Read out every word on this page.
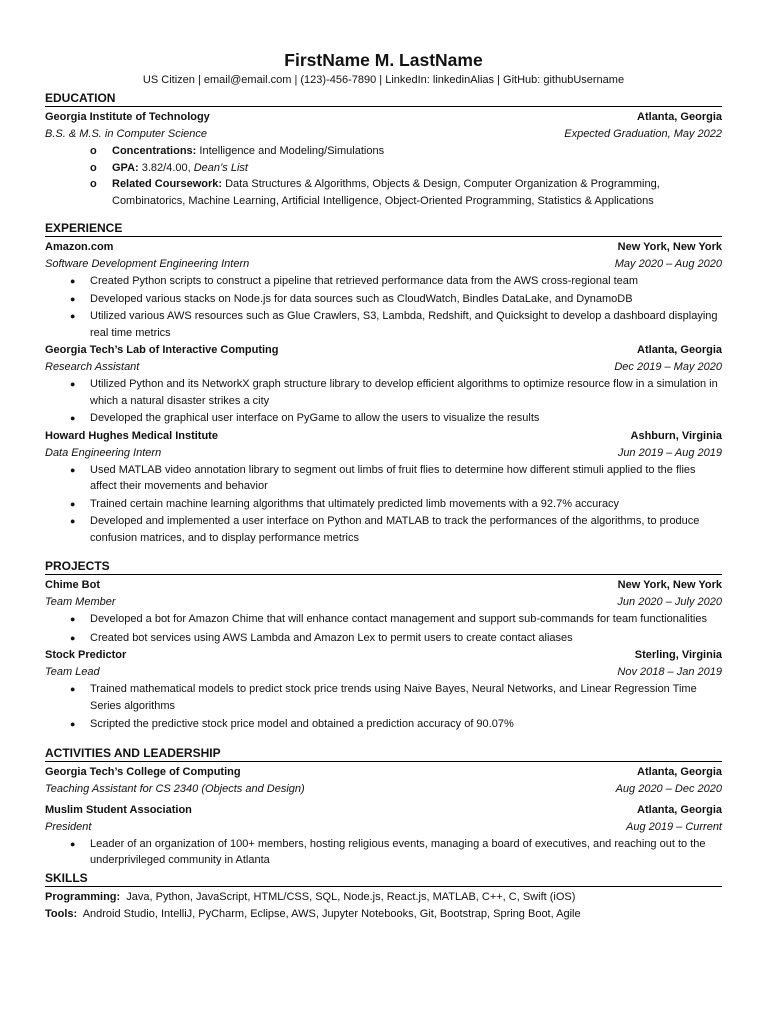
FirstName M. LastName
US Citizen | email@email.com | (123)-456-7890 | LinkedIn: linkedinAlias | GitHub: githubUsername
EDUCATION
Georgia Institute of Technology	Atlanta, Georgia
B.S. & M.S. in Computer Science	Expected Graduation, May 2022
o Concentrations: Intelligence and Modeling/Simulations
o GPA: 3.82/4.00, Dean’s List
o Related Coursework: Data Structures & Algorithms, Objects & Design, Computer Organization & Programming, Combinatorics, Machine Learning, Artificial Intelligence, Object-Oriented Programming, Statistics & Applications
EXPERIENCE
Amazon.com	New York, New York
Software Development Engineering Intern	May 2020 – Aug 2020
● Created Python scripts to construct a pipeline that retrieved performance data from the AWS cross-regional team
● Developed various stacks on Node.js for data sources such as CloudWatch, Bindles DataLake, and DynamoDB
● Utilized various AWS resources such as Glue Crawlers, S3, Lambda, Redshift, and Quicksight to develop a dashboard displaying real time metrics
Georgia Tech’s Lab of Interactive Computing	Atlanta, Georgia
Research Assistant	Dec 2019 – May 2020
● Utilized Python and its NetworkX graph structure library to develop efficient algorithms to optimize resource flow in a simulation in which a natural disaster strikes a city
● Developed the graphical user interface on PyGame to allow the users to visualize the results
Howard Hughes Medical Institute	Ashburn, Virginia
Data Engineering Intern	Jun 2019 – Aug 2019
● Used MATLAB video annotation library to segment out limbs of fruit flies to determine how different stimuli applied to the flies affect their movements and behavior
● Trained certain machine learning algorithms that ultimately predicted limb movements with a 92.7% accuracy
● Developed and implemented a user interface on Python and MATLAB to track the performances of the algorithms, to produce confusion matrices, and to display performance metrics
PROJECTS
Chime Bot	New York, New York
Team Member	Jun 2020 – July 2020
● Developed a bot for Amazon Chime that will enhance contact management and support sub-commands for team functionalities
● Created bot services using AWS Lambda and Amazon Lex to permit users to create contact aliases
Stock Predictor	Sterling, Virginia
Team Lead	Nov 2018 – Jan 2019
● Trained mathematical models to predict stock price trends using Naive Bayes, Neural Networks, and Linear Regression Time Series algorithms
● Scripted the predictive stock price model and obtained a prediction accuracy of 90.07%
ACTIVITIES AND LEADERSHIP
Georgia Tech’s College of Computing	Atlanta, Georgia
Teaching Assistant for CS 2340 (Objects and Design)	Aug 2020 – Dec 2020
Muslim Student Association	Atlanta, Georgia
President	Aug 2019 – Current
● Leader of an organization of 100+ members, hosting religious events, managing a board of executives, and reaching out to the underprivileged community in Atlanta
SKILLS
Programming:  Java, Python, JavaScript, HTML/CSS, SQL, Node.js, React.js, MATLAB, C++, C, Swift (iOS)
Tools:  Android Studio, IntelliJ, PyCharm, Eclipse, AWS, Jupyter Notebooks, Git, Bootstrap, Spring Boot, Agile
